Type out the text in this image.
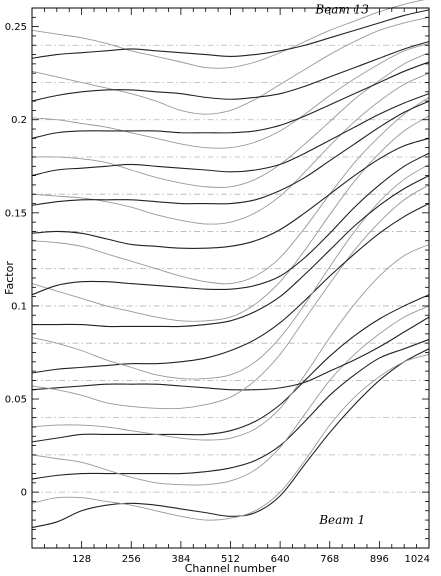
128	256	384	512	640	768	896 1024
0
0.05
0.1
0.15
0.2
0.25
Channel number
Factor
Beam 13
Beam 1
